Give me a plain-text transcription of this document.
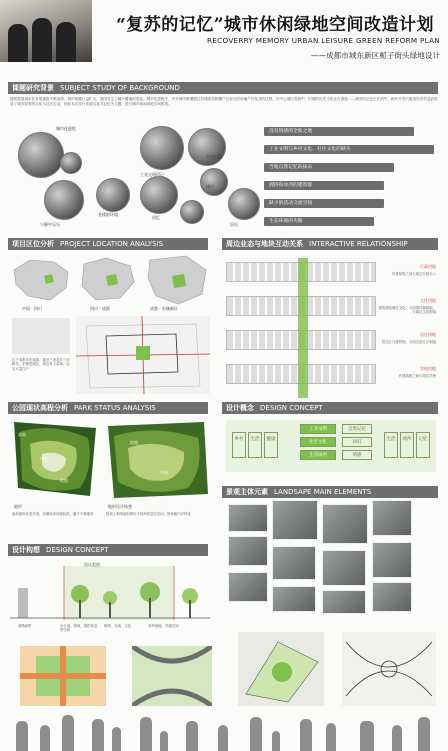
“复苏的记忆”城市休闲绿地空间改造计划
RECOVERRY MEMORY URBAN LEISURE GREEN REFORM PLAN
——成都市城东新区栀子街头绿地设计
课题研究背景 SUBJECT STUDY OF BACKGROUND
随着我国城市化发展速度不断加快，城市规模日益扩大，我国发生了翻天覆地的变化。城市化进程中，许多城市都遭遇过旧城改造和棚户区拆迁的房地产开发式的过程。在中心城区发展中，旧城的历史文化正在消逝……城市的记忆正在消失，新的开发只重视经济效益而忽视了城市原有的文化与社区生活，因此本次设计希望以复苏记忆为主题，进行城市休闲绿地空间改造。
城市化进程
工业文明印记
乡村记忆
城市
宁静中乐乐
金剧院环境
回忆
居民
没有情感的全新之地
工业文明与乡村文化、社区文化的缺失
当地自然记忆的抹杀
拥挤和冰冷的建筑群
缺少的活动交流空间
生态环境的失衡
项目区位分析 PROJECT LOCATION ANALYSIS
中国 · 四川	四川 · 成都	成都 · 东城新区
位于成都市东南部，靠近三圣花乡三环路东，东侧是城区，周边有大量商、住宅大量住户
周边业态与地块互动关系 INTERACTIVE RELATIONSHIP
行政用地
有建筑物之间与周边行政办公
文化用地
建筑面临城市文化，与周围环境绿地，与周边文化街接
居住用地
居住区与建筑物，与周边居住区相接
学校用地
有建筑物之间与周边学校
公园现状高程分析 PARK STATUS ANALYSIS
高地
中地
低地
坡地
平地
地形	地形设计构想
地块最高处是东部，北侧较高西南较低，属于平缓地形	规划上利用地形做出不同高低层次空间，使场地内多样化
设计概念 DESIGN CONCEPT
乡村	生活	健康
工业文明
社区文化
生活场所
自然记忆
回归
情感
生活	场所	记忆
景观主体元素 LANDSAPE MAIN ELEMENTS
设计构想 DESIGN CONCEPT
设计范围
道路绿带	步行道，树荫，提供休息的空间
树荫，交流、文化	草坪绿地，开阔空间
